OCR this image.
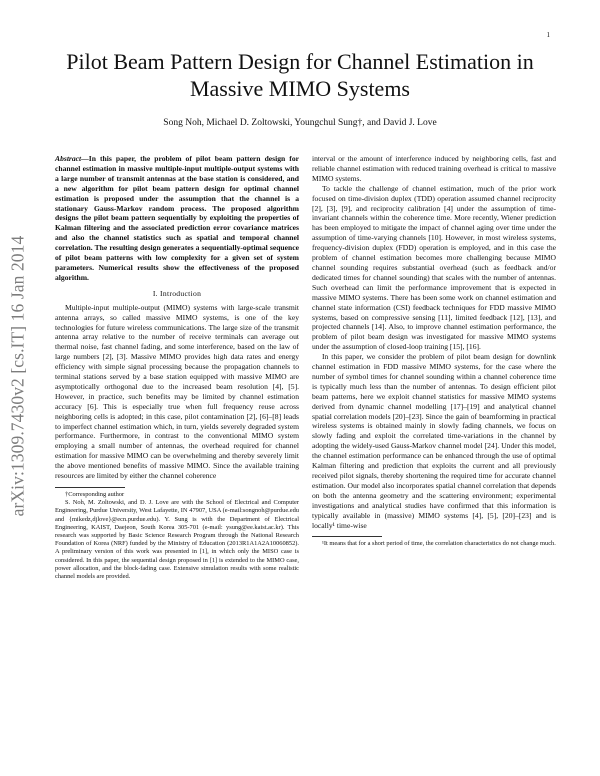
1
arXiv:1309.7430v2 [cs.IT] 16 Jan 2014
Pilot Beam Pattern Design for Channel Estimation in Massive MIMO Systems
Song Noh, Michael D. Zoltowski, Youngchul Sung†, and David J. Love

Abstract—In this paper, the problem of pilot beam pattern design for channel estimation in massive multiple-input multiple-output systems with a large number of transmit antennas at the base station is considered, and a new algorithm for pilot beam pattern design for optimal channel estimation is proposed under the assumption that the channel is a stationary Gauss-Markov random process. The proposed algorithm designs the pilot beam pattern sequentially by exploiting the properties of Kalman filtering and the associated prediction error covariance matrices and also the channel statistics such as spatial and temporal channel correlation. The resulting design generates a sequentially-optimal sequence of pilot beam patterns with low complexity for a given set of system parameters. Numerical results show the effectiveness of the proposed algorithm.

I. Introduction

Multiple-input multiple-output (MIMO) systems with large-scale transmit antenna arrays, so called massive MIMO systems, is one of the key technologies for future wireless communications. The large size of the transmit antenna array relative to the number of receive terminals can average out thermal noise, fast channel fading, and some interference, based on the law of large numbers [2], [3]. Massive MIMO provides high data rates and energy efficiency with simple signal processing because the propagation channels to terminal stations served by a base station equipped with massive MIMO are asymptotically orthogonal due to the increased beam resolution [4], [5]. However, in practice, such benefits may be limited by channel estimation accuracy [6]. This is especially true when full frequency reuse across neighboring cells is adopted; in this case, pilot contamination [2], [6]–[8] leads to imperfect channel estimation which, in turn, yields severely degraded system performance. Furthermore, in contrast to the conventional MIMO system employing a small number of antennas, the overhead required for channel estimation for massive MIMO can be overwhelming and thereby severely limit the above mentioned benefits of massive MIMO. Since the available training resources are limited by either the channel coherence

†Corresponding author

S. Noh, M. Zoltowski, and D. J. Love are with the School of Electrical and Computer Engineering, Purdue University, West Lafayette, IN 47907, USA (e-mail:songnoh@purdue.edu and {mikedz,djlove}@ecn.purdue.edu). Y. Sung is with the Department of Electrical Engineering, KAIST, Daejeon, South Korea 305-701 (e-mail: ysung@ee.kaist.ac.kr). This research was supported by Basic Science Research Program through the National Research Foundation of Korea (NRF) funded by the Ministry of Education (2013R1A1A2A10060852). A preliminary version of this work was presented in [1], in which only the MISO case is considered. In this paper, the sequential design proposed in [1] is extended to the MIMO case, power allocation, and the block-fading case. Extensive simulation results with some realistic channel models are provided.

interval or the amount of interference induced by neighboring cells, fast and reliable channel estimation with reduced training overhead is critical to massive MIMO systems.

To tackle the challenge of channel estimation, much of the prior work focused on time-division duplex (TDD) operation assumed channel reciprocity [2], [3], [9], and reciprocity calibration [4] under the assumption of time-invariant channels within the coherence time. More recently, Wiener prediction has been employed to mitigate the impact of channel aging over time under the assumption of time-varying channels [10]. However, in most wireless systems, frequency-division duplex (FDD) operation is employed, and in this case the problem of channel estimation becomes more challenging because MIMO channel sounding requires substantial overhead (such as feedback and/or dedicated times for channel sounding) that scales with the number of antennas. Such overhead can limit the performance improvement that is expected in massive MIMO systems. There has been some work on channel estimation and channel state information (CSI) feedback techniques for FDD massive MIMO systems, based on compressive sensing [11], limited feedback [12], [13], and projected channels [14]. Also, to improve channel estimation performance, the problem of pilot beam design was investigated for massive MIMO systems under the assumption of closed-loop training [15], [16].

In this paper, we consider the problem of pilot beam design for downlink channel estimation in FDD massive MIMO systems, for the case where the number of symbol times for channel sounding within a channel coherence time is typically much less than the number of antennas. To design efficient pilot beam patterns, here we exploit channel statistics for massive MIMO systems derived from dynamic channel modelling [17]–[19] and analytical channel spatial correlation models [20]–[23]. Since the gain of beamforming in practical wireless systems is obtained mainly in slowly fading channels, we focus on slowly fading and exploit the correlated time-variations in the channel by adopting the widely-used Gauss-Markov channel model [24]. Under this model, the channel estimation performance can be enhanced through the use of optimal Kalman filtering and prediction that exploits the current and all previously received pilot signals, thereby shortening the required time for accurate channel estimation. Our model also incorporates spatial channel correlation that depends on both the antenna geometry and the scattering environment; experimental investigations and analytical studies have confirmed that this information is typically available in (massive) MIMO systems [4], [5], [20]–[23] and is locally¹ time-wise

¹It means that for a short period of time, the correlation characteristics do not change much.
